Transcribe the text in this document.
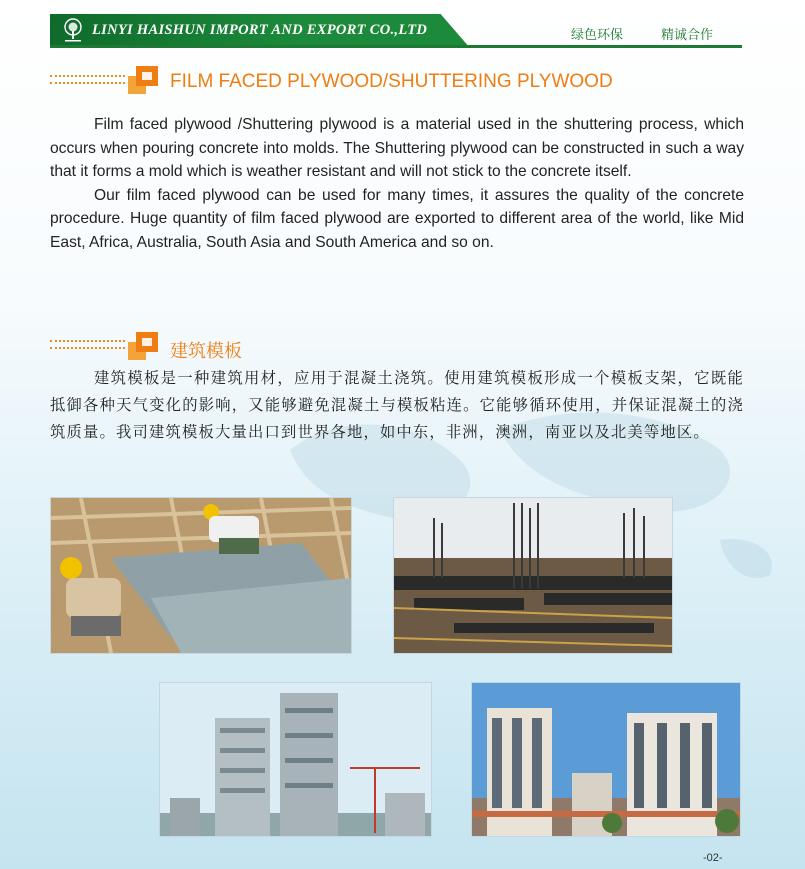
LINYI HAISHUN IMPORT AND EXPORT CO.,LTD	绿色环保	精诚合作
FILM FACED PLYWOOD/SHUTTERING PLYWOOD

Film faced plywood /Shuttering plywood is a material used in the shuttering process, which occurs when pouring concrete into molds. The Shuttering plywood can be constructed in such a way that it forms a mold which is weather resistant and will not stick to the concrete itself.

Our film faced plywood can be used for many times, it assures the quality of the concrete procedure. Huge quantity of film faced plywood are exported to different area of the world, like Mid East, Africa, Australia, South Asia and South America and so on.

建筑模板
建筑模板是一种建筑用材，应用于混凝土浇筑。使用建筑模板形成一个模板支架，它既能抵御各种天气变化的影响，又能够避免混凝土与模板粘连。它能够循环使用，并保证混凝土的浇筑质量。我司建筑模板大量出口到世界各地，如中东，非洲，澳洲，南亚以及北美等地区。
-02-
